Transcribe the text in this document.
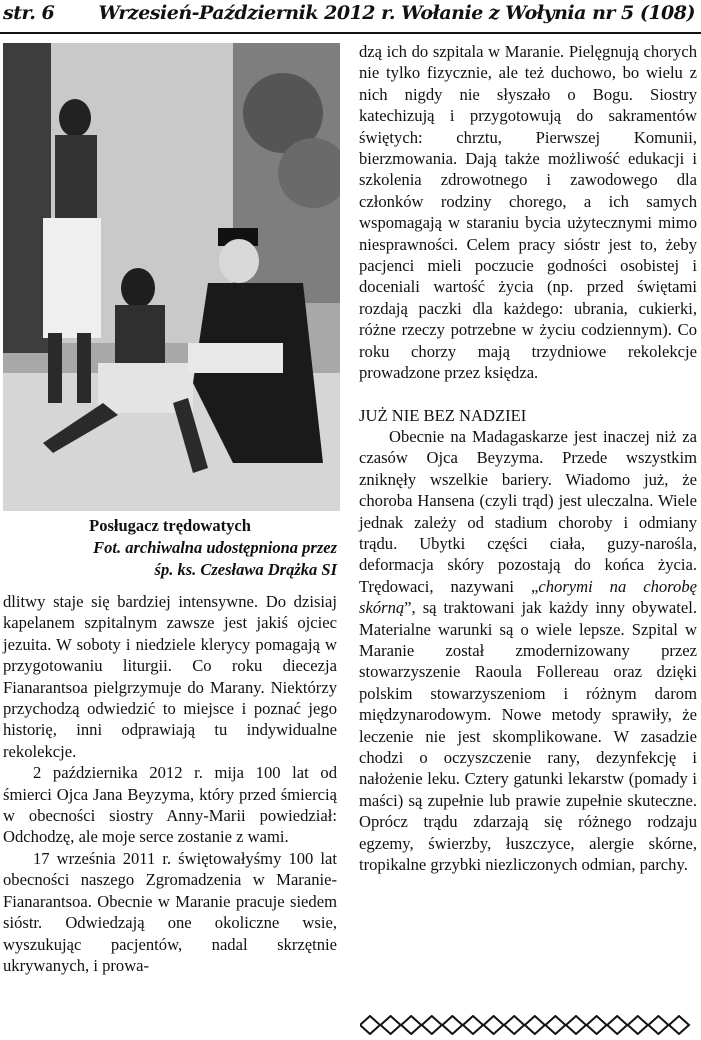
str. 6 Wrzesień-Październik 2012 r. Wołanie z Wołynia nr 5 (108)
Posługacz trędowatych
Fot. archiwalna udostępniona przez
śp. ks. Czesława Drążka SI

dlitwy staje się bardziej intensywne. Do dzisiaj kapelanem szpitalnym zawsze jest jakiś ojciec jezuita. W soboty i niedziele klerycy pomagają w przygotowaniu liturgii. Co roku diecezja Fianarantsoa pielgrzymuje do Marany. Niektórzy przychodzą odwiedzić to miejsce i poznać jego historię, inni odprawiają tu indywidualne rekolekcje.

2 października 2012 r. mija 100 lat od śmierci Ojca Jana Beyzyma, który przed śmiercią w obecności siostry Anny-Marii powiedział: Odchodzę, ale moje serce zostanie z wami.

17 września 2011 r. świętowałyśmy 100 lat obecności naszego Zgromadzenia w Maranie-Fianarantsoa. Obecnie w Maranie pracuje siedem sióstr. Odwiedzają one okoliczne wsie, wyszukując pacjentów, nadal skrzętnie ukrywanych, i prowa-

dzą ich do szpitala w Maranie. Pielęgnują chorych nie tylko fizycznie, ale też duchowo, bo wielu z nich nigdy nie słyszało o Bogu. Siostry katechizują i przygotowują do sakramentów świętych: chrztu, Pierwszej Komunii, bierzmowania. Dają także możliwość edukacji i szkolenia zdrowotnego i zawodowego dla członków rodziny chorego, a ich samych wspomagają w staraniu bycia użytecznymi mimo niesprawności. Celem pracy sióstr jest to, żeby pacjenci mieli poczucie godności osobistej i doceniali wartość życia (np. przed świętami rozdają paczki dla każdego: ubrania, cukierki, różne rzeczy potrzebne w życiu codziennym). Co roku chorzy mają trzydniowe rekolekcje prowadzone przez księdza.

JUŻ NIE BEZ NADZIEI

Obecnie na Madagaskarze jest inaczej niż za czasów Ojca Beyzyma. Przede wszystkim zniknęły wszelkie bariery. Wiadomo już, że choroba Hansena (czyli trąd) jest uleczalna. Wiele jednak zależy od stadium choroby i odmiany trądu. Ubytki części ciała, guzy-narośla, deformacja skóry pozostają do końca życia. Trędowaci, nazywani „chorymi na chorobę skórną”, są traktowani jak każdy inny obywatel. Materialne warunki są o wiele lepsze. Szpital w Maranie został zmodernizowany przez stowarzyszenie Raoula Follereau oraz dzięki polskim stowarzyszeniom i różnym darom międzynarodowym. Nowe metody sprawiły, że leczenie nie jest skomplikowane. W zasadzie chodzi o oczyszczenie rany, dezynfekcję i nałożenie leku. Cztery gatunki lekarstw (pomady i maści) są zupełnie lub prawie zupełnie skuteczne. Oprócz trądu zdarzają się różnego rodzaju egzemy, świerzby, łuszczyce, alergie skórne, tropikalne grzybki niezliczonych odmian, parchy.
